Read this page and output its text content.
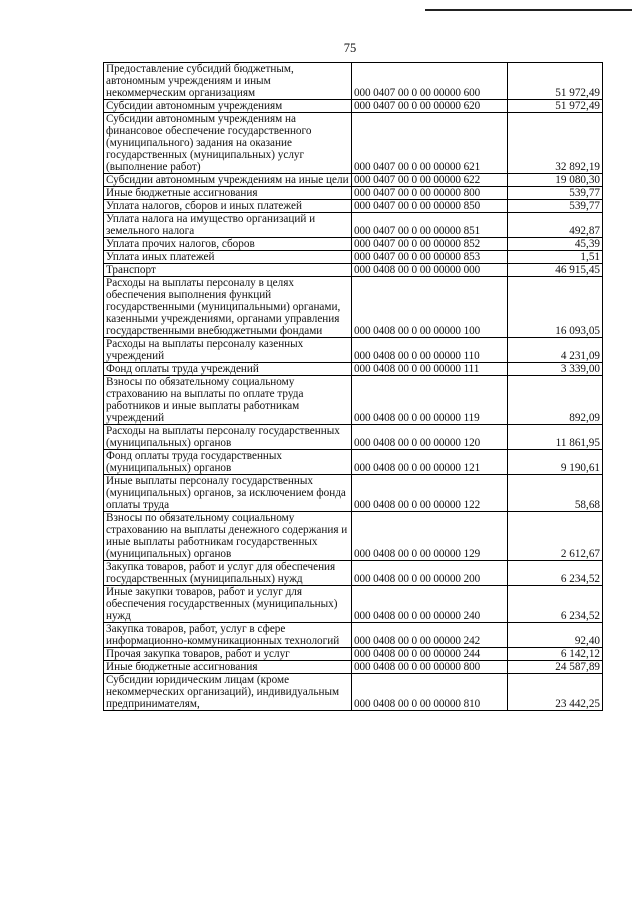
75
Предоставление субсидий бюджетным, автономным учреждениям и иным некоммерческим организациям	000 0407 00 0 00 00000 600	51 972,49
Субсидии автономным учреждениям	000 0407 00 0 00 00000 620	51 972,49
Субсидии автономным учреждениям на финансовое обеспечение государственного (муниципального) задания на оказание государственных (муниципальных) услуг (выполнение работ)	000 0407 00 0 00 00000 621	32 892,19
Субсидии автономным учреждениям на иные цели	000 0407 00 0 00 00000 622	19 080,30
Иные бюджетные ассигнования	000 0407 00 0 00 00000 800	539,77
Уплата налогов, сборов и иных платежей	000 0407 00 0 00 00000 850	539,77
Уплата налога на имущество организаций и земельного налога	000 0407 00 0 00 00000 851	492,87
Уплата прочих налогов, сборов	000 0407 00 0 00 00000 852	45,39
Уплата иных платежей	000 0407 00 0 00 00000 853	1,51
Транспорт	000 0408 00 0 00 00000 000	46 915,45
Расходы на выплаты персоналу в целях обеспечения выполнения функций государственными (муниципальными) органами, казенными учреждениями, органами управления государственными внебюджетными фондами	000 0408 00 0 00 00000 100	16 093,05
Расходы на выплаты персоналу казенных учреждений	000 0408 00 0 00 00000 110	4 231,09
Фонд оплаты труда учреждений	000 0408 00 0 00 00000 111	3 339,00
Взносы по обязательному социальному страхованию на выплаты по оплате труда работников и иные выплаты работникам учреждений	000 0408 00 0 00 00000 119	892,09
Расходы на выплаты персоналу государственных (муниципальных) органов	000 0408 00 0 00 00000 120	11 861,95
Фонд оплаты труда государственных (муниципальных) органов	000 0408 00 0 00 00000 121	9 190,61
Иные выплаты персоналу государственных (муниципальных) органов, за исключением фонда оплаты труда	000 0408 00 0 00 00000 122	58,68
Взносы по обязательному социальному страхованию на выплаты денежного содержания и иные выплаты работникам государственных (муниципальных) органов	000 0408 00 0 00 00000 129	2 612,67
Закупка товаров, работ и услуг для обеспечения государственных (муниципальных) нужд	000 0408 00 0 00 00000 200	6 234,52
Иные закупки товаров, работ и услуг для обеспечения государственных (муниципальных) нужд	000 0408 00 0 00 00000 240	6 234,52
Закупка товаров, работ, услуг в сфере информационно-коммуникационных технологий	000 0408 00 0 00 00000 242	92,40
Прочая закупка товаров, работ и услуг	000 0408 00 0 00 00000 244	6 142,12
Иные бюджетные ассигнования	000 0408 00 0 00 00000 800	24 587,89
Субсидии юридическим лицам (кроме некоммерческих организаций), индивидуальным предпринимателям,	000 0408 00 0 00 00000 810	23 442,25
